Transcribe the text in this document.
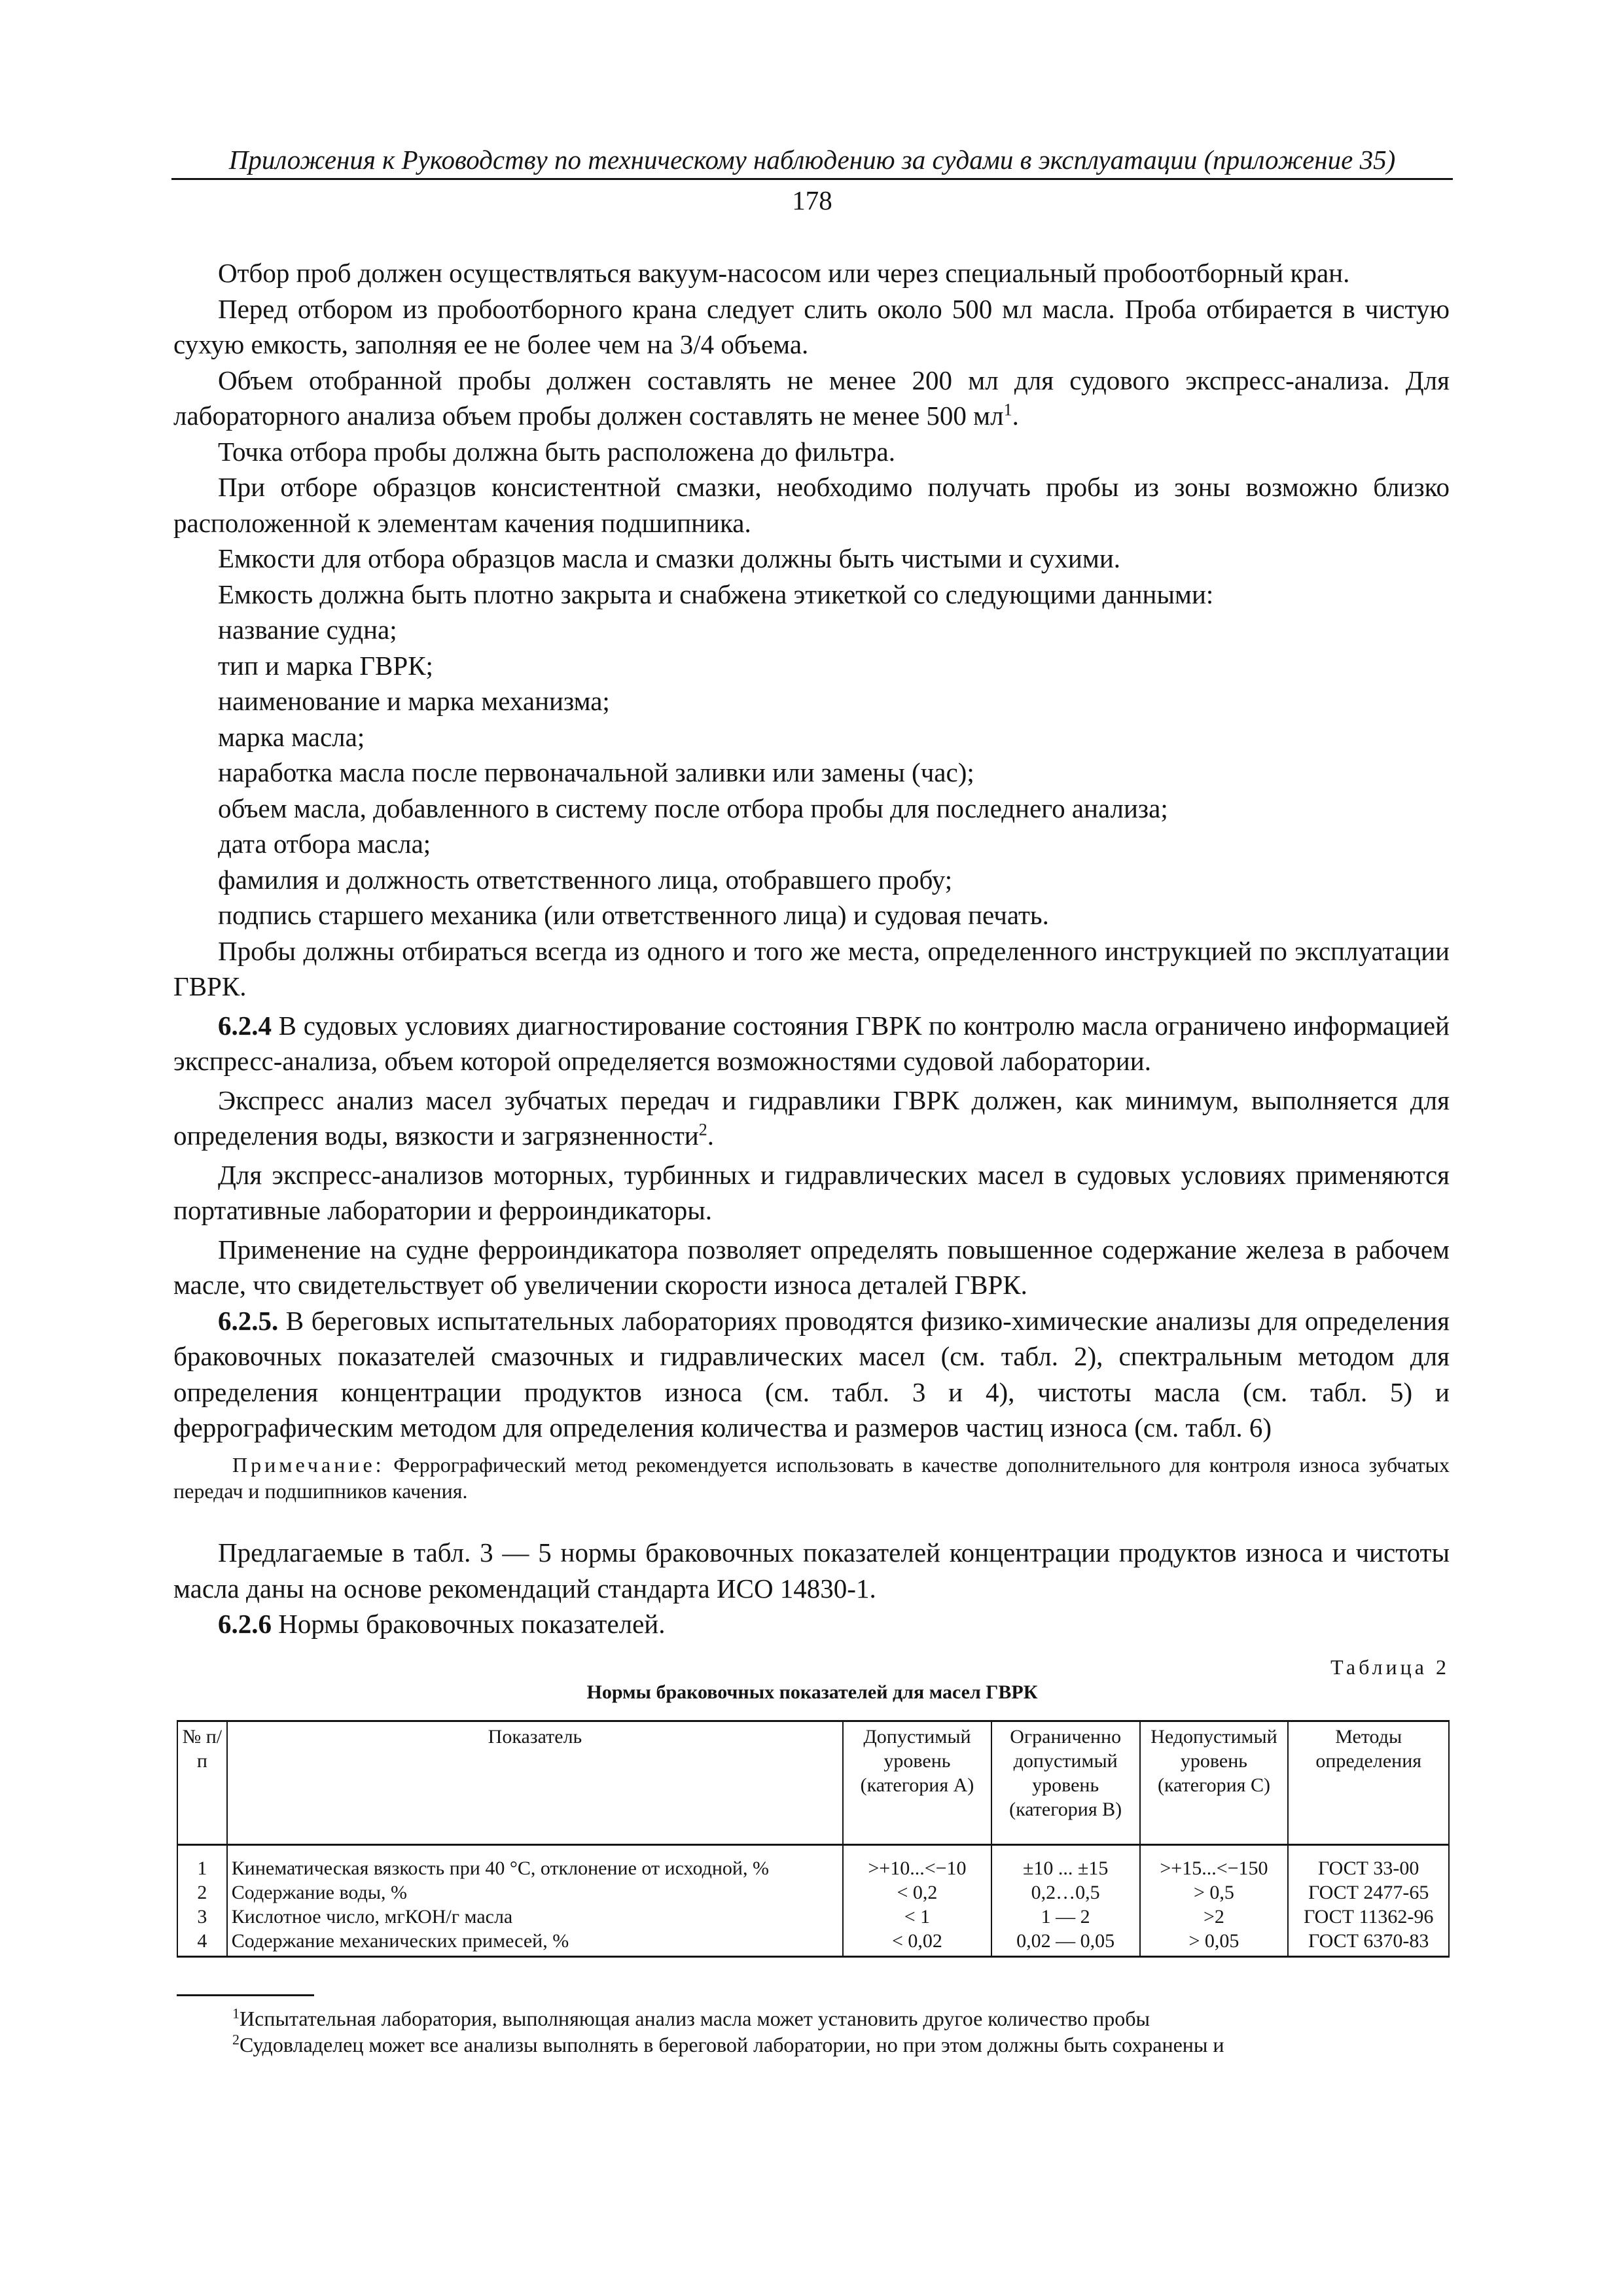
Приложения к Руководству по техническому наблюдению за судами в эксплуатации (приложение 35)
178

Отбор проб должен осуществляться вакуум-насосом или через специальный пробоотборный кран.

Перед отбором из пробоотборного крана следует слить около 500 мл масла. Проба отбирается в чистую сухую емкость, заполняя ее не более чем на 3/4 объема.

Объем отобранной пробы должен составлять не менее 200 мл для судового экспресс-анализа. Для лабораторного анализа объем пробы должен составлять не менее 500 $мл^1$.

Точка отбора пробы должна быть расположена до фильтра.

При отборе образцов консистентной смазки, необходимо получать пробы из зоны возможно близко расположенной к элементам качения подшипника.

Емкости для отбора образцов масла и смазки должны быть чистыми и сухими.

Емкость должна быть плотно закрыта и снабжена этикеткой со следующими данными:

название судна;

тип и марка ГВРК;

наименование и марка механизма;

марка масла;

наработка масла после первоначальной заливки или замены (час);

объем масла, добавленного в систему после отбора пробы для последнего анализа;

дата отбора масла;

фамилия и должность ответственного лица, отобравшего пробу;

подпись старшего механика (или ответственного лица) и судовая печать.

Пробы должны отбираться всегда из одного и того же места, определенного инструкцией по эксплуатации ГВРК.

6.2.4 В судовых условиях диагностирование состояния ГВРК по контролю масла ограничено информацией экспресс-анализа, объем которой определяется возможностями судовой лаборатории.

Экспресс анализ масел зубчатых передач и гидравлики ГВРК должен, как минимум, выполняется для определения воды, вязкости и загрязненности$^2$.

Для экспресс-анализов моторных, турбинных и гидравлических масел в судовых условиях применяются портативные лаборатории и ферроиндикаторы.

Применение на судне ферроиндикатора позволяет определять повышенное содержание железа в рабочем масле, что свидетельствует об увеличении скорости износа деталей ГВРК.

6.2.5. В береговых испытательных лабораториях проводятся физико-химические анализы для определения браковочных показателей смазочных и гидравлических масел (см. табл. 2), спектральным методом для определения концентрации продуктов износа (см. табл. 3 и 4), чистоты масла (см. табл. 5) и феррографическим методом для определения количества и размеров частиц износа (см. табл. 6)

Примечание: Феррографический метод рекомендуется использовать в качестве дополнительного для контроля износа зубчатых передач и подшипников качения.

Предлагаемые в табл. 3 — 5 нормы браковочных показателей концентрации продуктов износа и чистоты масла даны на основе рекомендаций стандарта ИСО 14830-1.

6.2.6 Нормы браковочных показателей.

Таблица 2
Нормы браковочных показателей для масел ГВРК
№ п/п	Показатель	Допустимый уровень (категория А)	Ограниченно допустимый уровень (категория В)	Недопустимый уровень (категория С)	Методы определения
1	Кинематическая вязкость при 40 °С, отклонение от исходной, %	>+10...<−10	±10 ... ±15	>+15...<−150	ГОСТ 33-00
2	Содержание воды, %	< 0,2	0,2…0,5	> 0,5	ГОСТ 2477-65
3	Кислотное число, мгКОН/г масла	< 1	1 — 2	>2	ГОСТ 11362-96
4	Содержание механических примесей, %	< 0,02	0,02 — 0,05	> 0,05	ГОСТ 6370-83

$^1$Испытательная лаборатория, выполняющая анализ масла может установить другое количество пробы

$^2$Судовладелец может все анализы выполнять в береговой лаборатории, но при этом должны быть сохранены и
